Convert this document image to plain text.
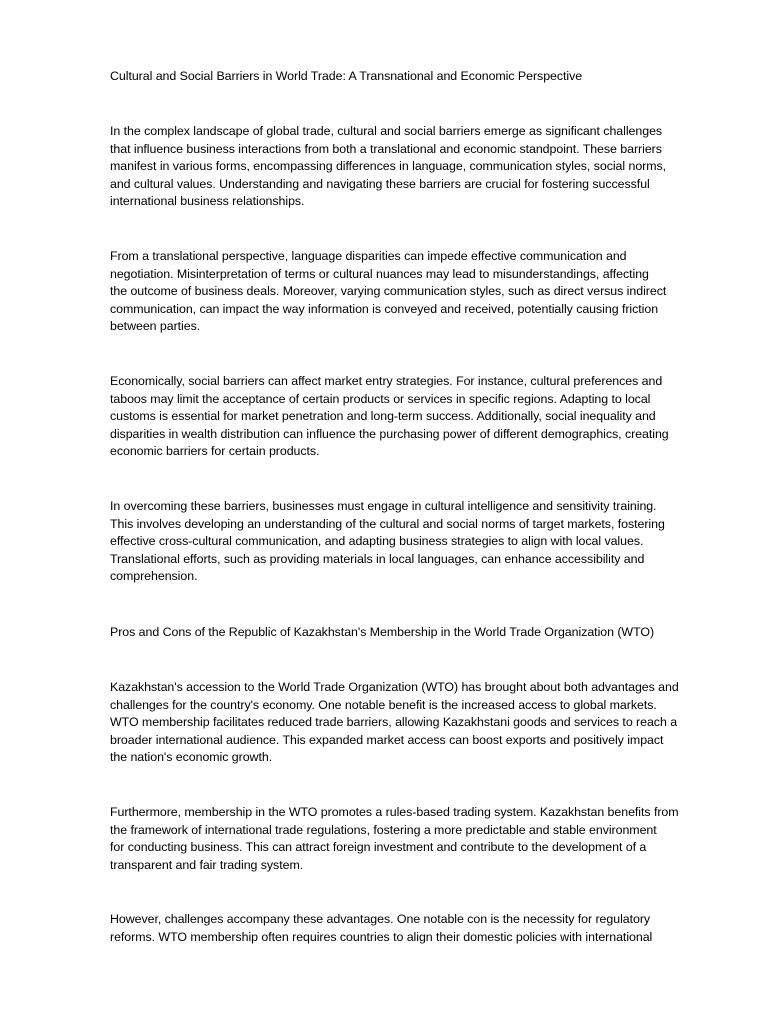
Cultural and Social Barriers in World Trade: A Transnational and Economic Perspective
In the complex landscape of global trade, cultural and social barriers emerge as significant challenges
that influence business interactions from both a translational and economic standpoint. These barriers
manifest in various forms, encompassing differences in language, communication styles, social norms,
and cultural values. Understanding and navigating these barriers are crucial for fostering successful
international business relationships.
From a translational perspective, language disparities can impede effective communication and
negotiation. Misinterpretation of terms or cultural nuances may lead to misunderstandings, affecting
the outcome of business deals. Moreover, varying communication styles, such as direct versus indirect
communication, can impact the way information is conveyed and received, potentially causing friction
between parties.
Economically, social barriers can affect market entry strategies. For instance, cultural preferences and
taboos may limit the acceptance of certain products or services in specific regions. Adapting to local
customs is essential for market penetration and long-term success. Additionally, social inequality and
disparities in wealth distribution can influence the purchasing power of different demographics, creating
economic barriers for certain products.
In overcoming these barriers, businesses must engage in cultural intelligence and sensitivity training.
This involves developing an understanding of the cultural and social norms of target markets, fostering
effective cross-cultural communication, and adapting business strategies to align with local values.
Translational efforts, such as providing materials in local languages, can enhance accessibility and
comprehension.
Pros and Cons of the Republic of Kazakhstan's Membership in the World Trade Organization (WTO)
Kazakhstan's accession to the World Trade Organization (WTO) has brought about both advantages and
challenges for the country's economy. One notable benefit is the increased access to global markets.
WTO membership facilitates reduced trade barriers, allowing Kazakhstani goods and services to reach a
broader international audience. This expanded market access can boost exports and positively impact
the nation's economic growth.
Furthermore, membership in the WTO promotes a rules-based trading system. Kazakhstan benefits from
the framework of international trade regulations, fostering a more predictable and stable environment
for conducting business. This can attract foreign investment and contribute to the development of a
transparent and fair trading system.
However, challenges accompany these advantages. One notable con is the necessity for regulatory
reforms. WTO membership often requires countries to align their domestic policies with international
